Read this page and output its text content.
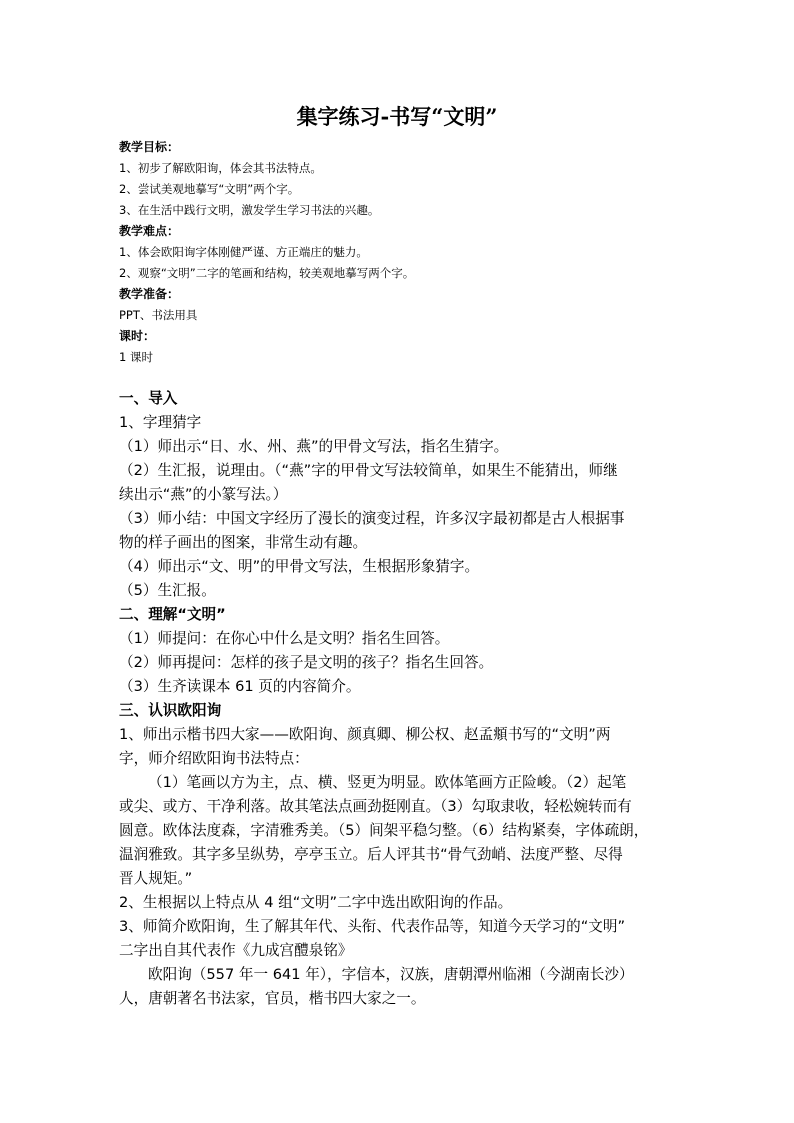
集字练习-书写“文明”

教学目标：

1、初步了解欧阳询，体会其书法特点。

2、尝试美观地摹写“文明”两个字。

3、在生活中践行文明，激发学生学习书法的兴趣。

教学难点：

1、体会欧阳询字体刚健严谨、方正端庄的魅力。

2、观察“文明”二字的笔画和结构，较美观地摹写两个字。

教学准备：

PPT、书法用具

课时：

1 课时

一、导入

1、字理猜字

（1）师出示“日、水、州、燕”的甲骨文写法，指名生猜字。

（2）生汇报，说理由。（“燕”字的甲骨文写法较简单，如果生不能猜出，师继

续出示“燕”的小篆写法。）

（3）师小结：中国文字经历了漫长的演变过程，许多汉字最初都是古人根据事

物的样子画出的图案，非常生动有趣。

（4）师出示“文、明”的甲骨文写法，生根据形象猜字。

（5）生汇报。

二、理解“文明”

（1）师提问：在你心中什么是文明？指名生回答。

（2）师再提问：怎样的孩子是文明的孩子？指名生回答。

（3）生齐读课本 61 页的内容简介。

三、认识欧阳询

1、师出示楷书四大家——欧阳询、颜真卿、柳公权、赵孟頫书写的“文明”两

字，师介绍欧阳询书法特点：

（1）笔画以方为主，点、横、竖更为明显。欧体笔画方正险峻。（2）起笔

或尖、或方、干净利落。故其笔法点画劲挺刚直。（3）勾取隶收，轻松婉转而有

圆意。欧体法度森，字清雅秀美。（5）间架平稳匀整。（6）结构紧奏，字体疏朗，

温润雅致。其字多呈纵势，亭亭玉立。后人评其书“骨气劲峭、法度严整、尽得

晋人规矩。”

2、生根据以上特点从 4 组“文明”二字中选出欧阳询的作品。

3、师简介欧阳询，生了解其年代、头衔、代表作品等，知道今天学习的“文明”

二字出自其代表作《九成宫醴泉铭》

欧阳询（557 年一 641 年），字信本，汉族，唐朝潭州临湘（今湖南长沙）

人，唐朝著名书法家，官员，楷书四大家之一。
